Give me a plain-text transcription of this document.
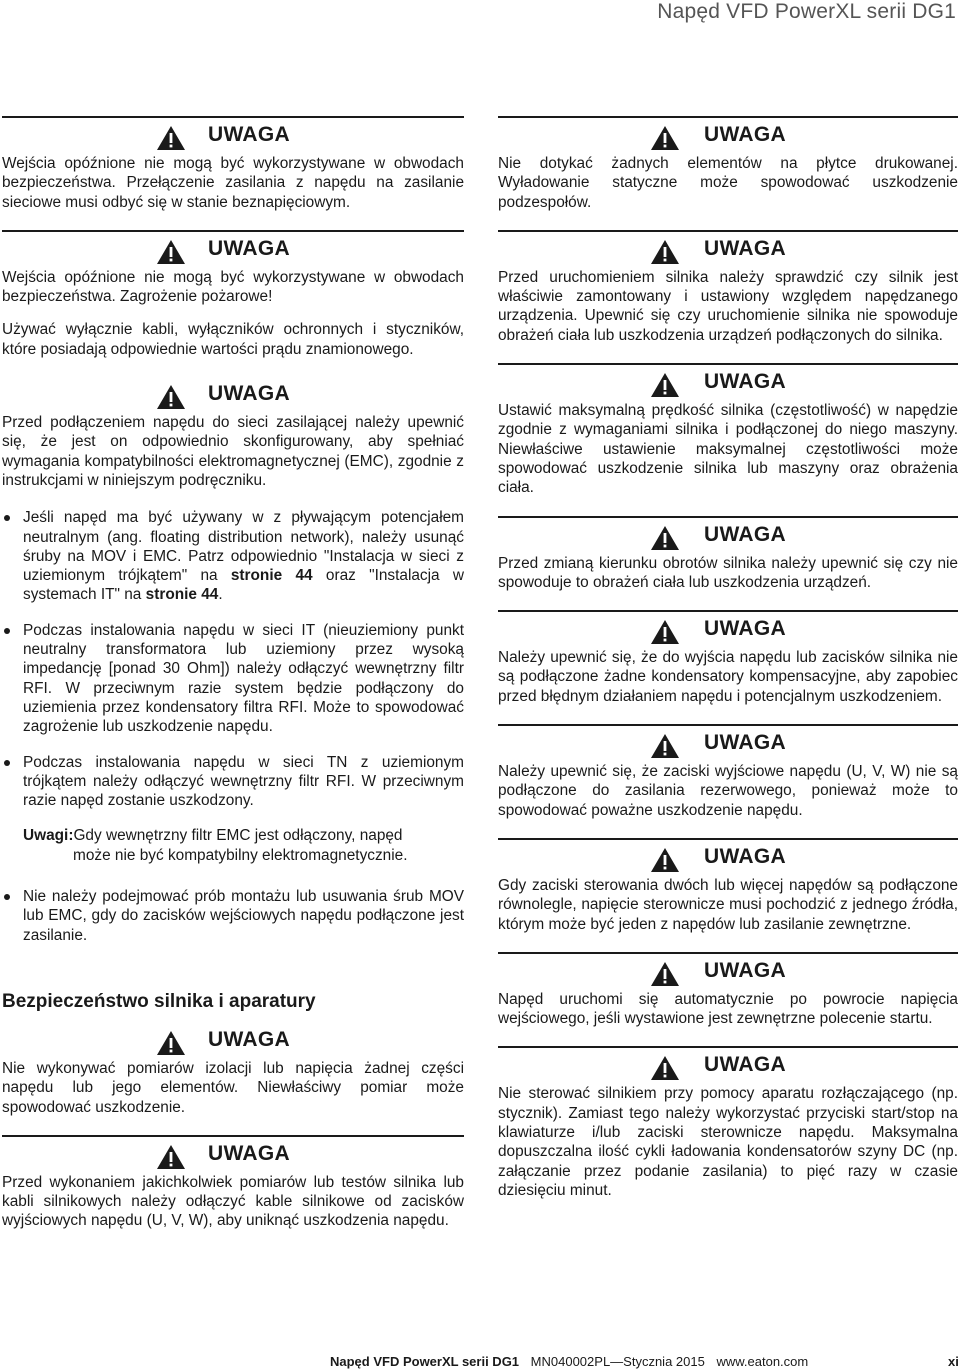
Napęd VFD PowerXL serii DG1
UWAGA

Wejścia opóźnione nie mogą być wykorzystywane w obwodach bezpieczeństwa. Przełączenie zasilania z napędu na zasilanie sieciowe musi odbyć się w stanie beznapięciowym.

UWAGA

Wejścia opóźnione nie mogą być wykorzystywane w obwodach bezpieczeństwa. Zagrożenie pożarowe!

Używać wyłącznie kabli, wyłączników ochronnych i styczników, które posiadają odpowiednie wartości prądu znamionowego.

UWAGA

Przed podłączeniem napędu do sieci zasilającej należy upewnić się, że jest on odpowiednio skonfigurowany, aby spełniać wymagania kompatybilności elektromagnetycznej (EMC), zgodnie z instrukcjami w niniejszym podręczniku.

Jeśli napęd ma być używany w z pływającym potencjałem neutralnym (ang. floating distribution network), należy usunąć śruby na MOV i EMC. Patrz odpowiednio "Instalacja w sieci z uziemionym trójkątem" na stronie 44 oraz "Instalacja w systemach IT" na stronie 44.
Podczas instalowania napędu w sieci IT (nieuziemiony punkt neutralny transformatora lub uziemiony przez wysoką impedancję [ponad 30 Ohm]) należy odłączyć wewnętrzny filtr RFI. W przeciwnym razie system będzie podłączony do uziemienia przez kondensatory filtra RFI. Może to spowodować zagrożenie lub uszkodzenie napędu.
Podczas instalowania napędu w sieci TN z uziemionym trójkątem należy odłączyć wewnętrzny filtr RFI. W przeciwnym razie napęd zostanie uszkodzony.
Uwagi:Gdy wewnętrzny filtr EMC jest odłączony, napęd
może nie być kompatybilny elektromagnetycznie.
Nie należy podejmować prób montażu lub usuwania śrub MOV lub EMC, gdy do zacisków wejściowych napędu podłączone jest zasilanie.
Bezpieczeństwo silnika i aparatury
UWAGA

Nie wykonywać pomiarów izolacji lub napięcia żadnej części napędu lub jego elementów. Niewłaściwy pomiar może spowodować uszkodzenie.

UWAGA

Przed wykonaniem jakichkolwiek pomiarów lub testów silnika lub kabli silnikowych należy odłączyć kable silnikowe od zacisków wyjściowych napędu (U, V, W), aby uniknąć uszkodzenia napędu.

UWAGA

Nie dotykać żadnych elementów na płytce drukowanej. Wyładowanie statyczne może spowodować uszkodzenie podzespołów.

UWAGA

Przed uruchomieniem silnika należy sprawdzić czy silnik jest właściwie zamontowany i ustawiony względem napędzanego urządzenia. Upewnić się czy uruchomienie silnika nie spowoduje obrażeń ciała lub uszkodzenia urządzeń podłączonych do silnika.

UWAGA

Ustawić maksymalną prędkość silnika (częstotliwość) w napędzie zgodnie z wymaganiami silnika i podłączonej do niego maszyny. Niewłaściwe ustawienie maksymalnej częstotliwości może spowodować uszkodzenie silnika lub maszyny oraz obrażenia ciała.

UWAGA

Przed zmianą kierunku obrotów silnika należy upewnić się czy nie spowoduje to obrażeń ciała lub uszkodzenia urządzeń.

UWAGA

Należy upewnić się, że do wyjścia napędu lub zacisków silnika nie są podłączone żadne kondensatory kompensacyjne, aby zapobiec przed błędnym działaniem napędu i potencjalnym uszkodzeniem.

UWAGA

Należy upewnić się, że zaciski wyjściowe napędu (U, V, W) nie są podłączone do zasilania rezerwowego, ponieważ może to spowodować poważne uszkodzenie napędu.

UWAGA

Gdy zaciski sterowania dwóch lub więcej napędów są podłączone równolegle, napięcie sterownicze musi pochodzić z jednego źródła, którym może być jeden z napędów lub zasilanie zewnętrzne.

UWAGA

Napęd uruchomi się automatycznie po powrocie napięcia wejściowego, jeśli wystawione jest zewnętrzne polecenie startu.

UWAGA

Nie sterować silnikiem przy pomocy aparatu rozłączającego (np. stycznik). Zamiast tego należy wykorzystać przyciski start/stop na klawiaturze i/lub zaciski sterownicze napędu. Maksymalna dopuszczalna ilość cykli ładowania kondensatorów szyny DC (np. załączanie przez podanie zasilania) to pięć razy w czasie dziesięciu minut.

Napęd VFD PowerXL serii DG1 MN040002PL—Stycznia 2015 www.eaton.com	xi
